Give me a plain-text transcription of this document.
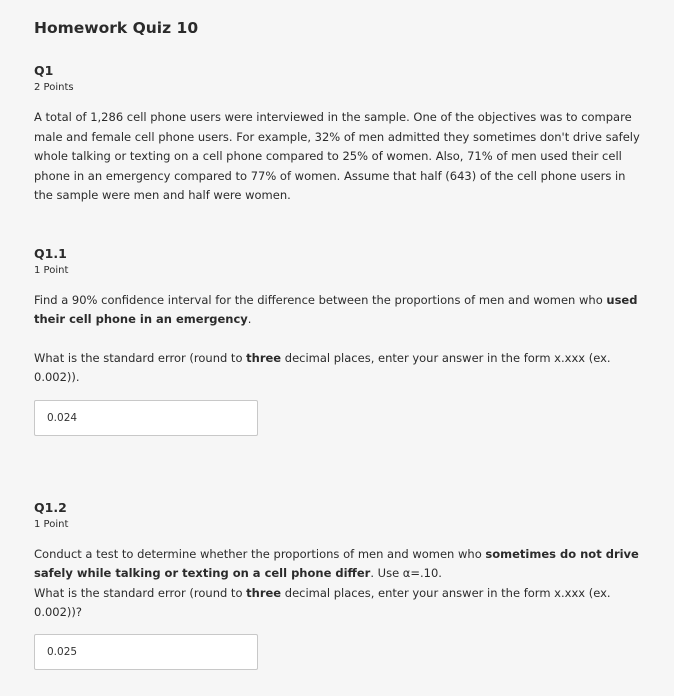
Homework Quiz 10
Q1
2 Points

A total of 1,286 cell phone users were interviewed in the sample. One of the objectives was to compare male and female cell phone users. For example, 32% of men admitted they sometimes don't drive safely whole talking or texting on a cell phone compared to 25% of women. Also, 71% of men used their cell phone in an emergency compared to 77% of women. Assume that half (643) of the cell phone users in the sample were men and half were women.

Q1.1
1 Point

Find a 90% confidence interval for the difference between the proportions of men and women who used their cell phone in an emergency.

What is the standard error (round to three decimal places, enter your answer in the form x.xxx (ex. 0.002)).

0.024
Q1.2
1 Point

Conduct a test to determine whether the proportions of men and women who sometimes do not drive safely while talking or texting on a cell phone differ. Use α=.10.

What is the standard error (round to three decimal places, enter your answer in the form x.xxx (ex. 0.002))?

0.025
